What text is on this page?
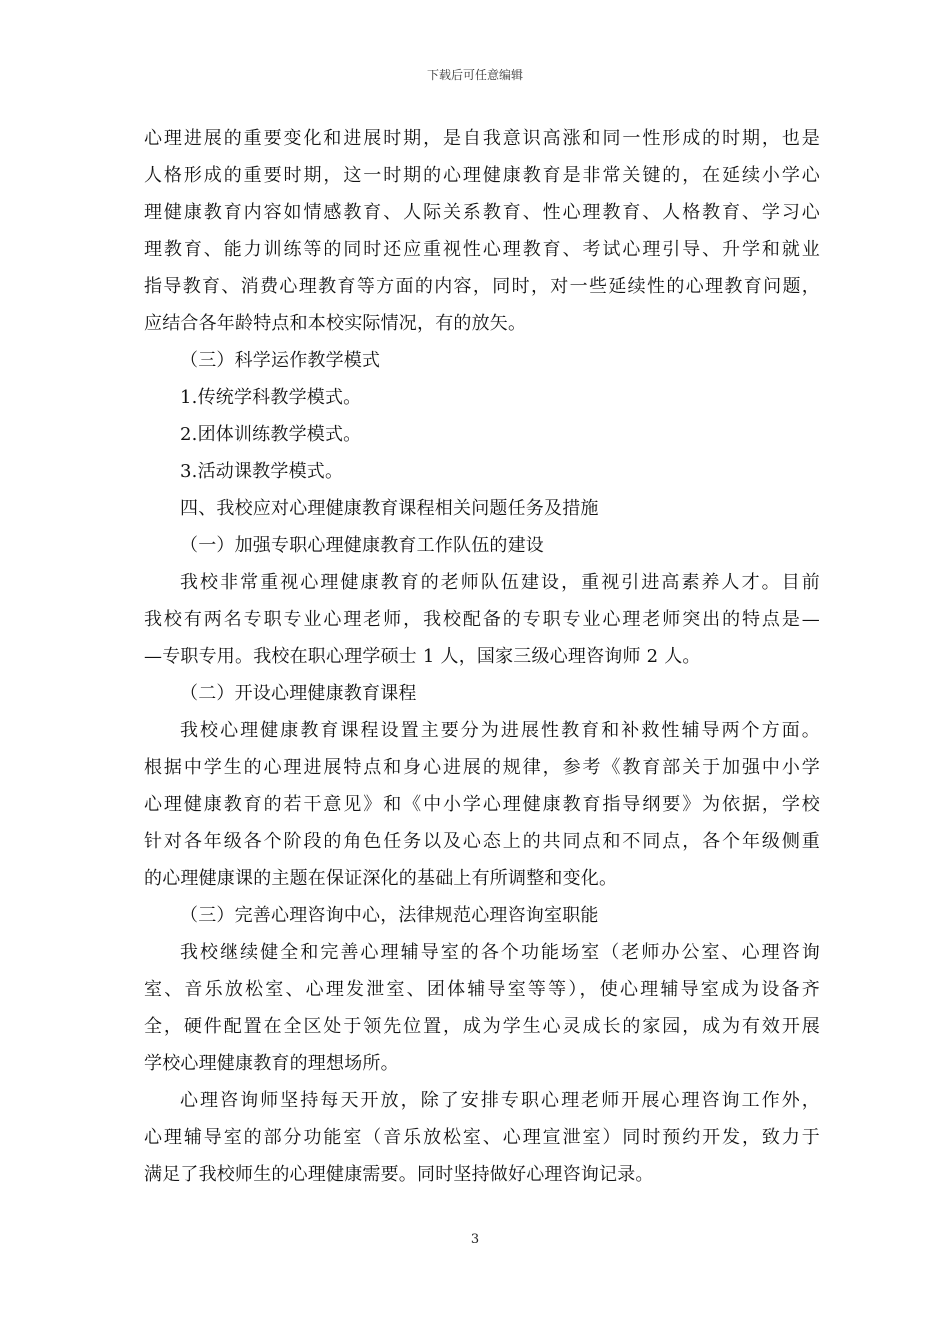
下载后可任意编辑
心理进展的重要变化和进展时期，是自我意识高涨和同一性形成的时期，也是
人格形成的重要时期，这一时期的心理健康教育是非常关键的，在延续小学心
理健康教育内容如情感教育、人际关系教育、性心理教育、人格教育、学习心
理教育、能力训练等的同时还应重视性心理教育、考试心理引导、升学和就业
指导教育、消费心理教育等方面的内容，同时，对一些延续性的心理教育问题，
应结合各年龄特点和本校实际情况，有的放矢。
（三）科学运作教学模式
1.传统学科教学模式。
2.团体训练教学模式。
3.活动课教学模式。
四、我校应对心理健康教育课程相关问题任务及措施
（一）加强专职心理健康教育工作队伍的建设
我校非常重视心理健康教育的老师队伍建设，重视引进高素养人才。目前
我校有两名专职专业心理老师，我校配备的专职专业心理老师突出的特点是—
—专职专用。我校在职心理学硕士 1 人，国家三级心理咨询师 2 人。
（二）开设心理健康教育课程
我校心理健康教育课程设置主要分为进展性教育和补救性辅导两个方面。
根据中学生的心理进展特点和身心进展的规律，参考《教育部关于加强中小学
心理健康教育的若干意见》和《中小学心理健康教育指导纲要》为依据，学校
针对各年级各个阶段的角色任务以及心态上的共同点和不同点，各个年级侧重
的心理健康课的主题在保证深化的基础上有所调整和变化。
（三）完善心理咨询中心，法律规范心理咨询室职能
我校继续健全和完善心理辅导室的各个功能场室（老师办公室、心理咨询
室、音乐放松室、心理发泄室、团体辅导室等等），使心理辅导室成为设备齐
全，硬件配置在全区处于领先位置，成为学生心灵成长的家园，成为有效开展
学校心理健康教育的理想场所。
心理咨询师坚持每天开放，除了安排专职心理老师开展心理咨询工作外，
心理辅导室的部分功能室（音乐放松室、心理宣泄室）同时预约开发，致力于
满足了我校师生的心理健康需要。同时坚持做好心理咨询记录。
3
